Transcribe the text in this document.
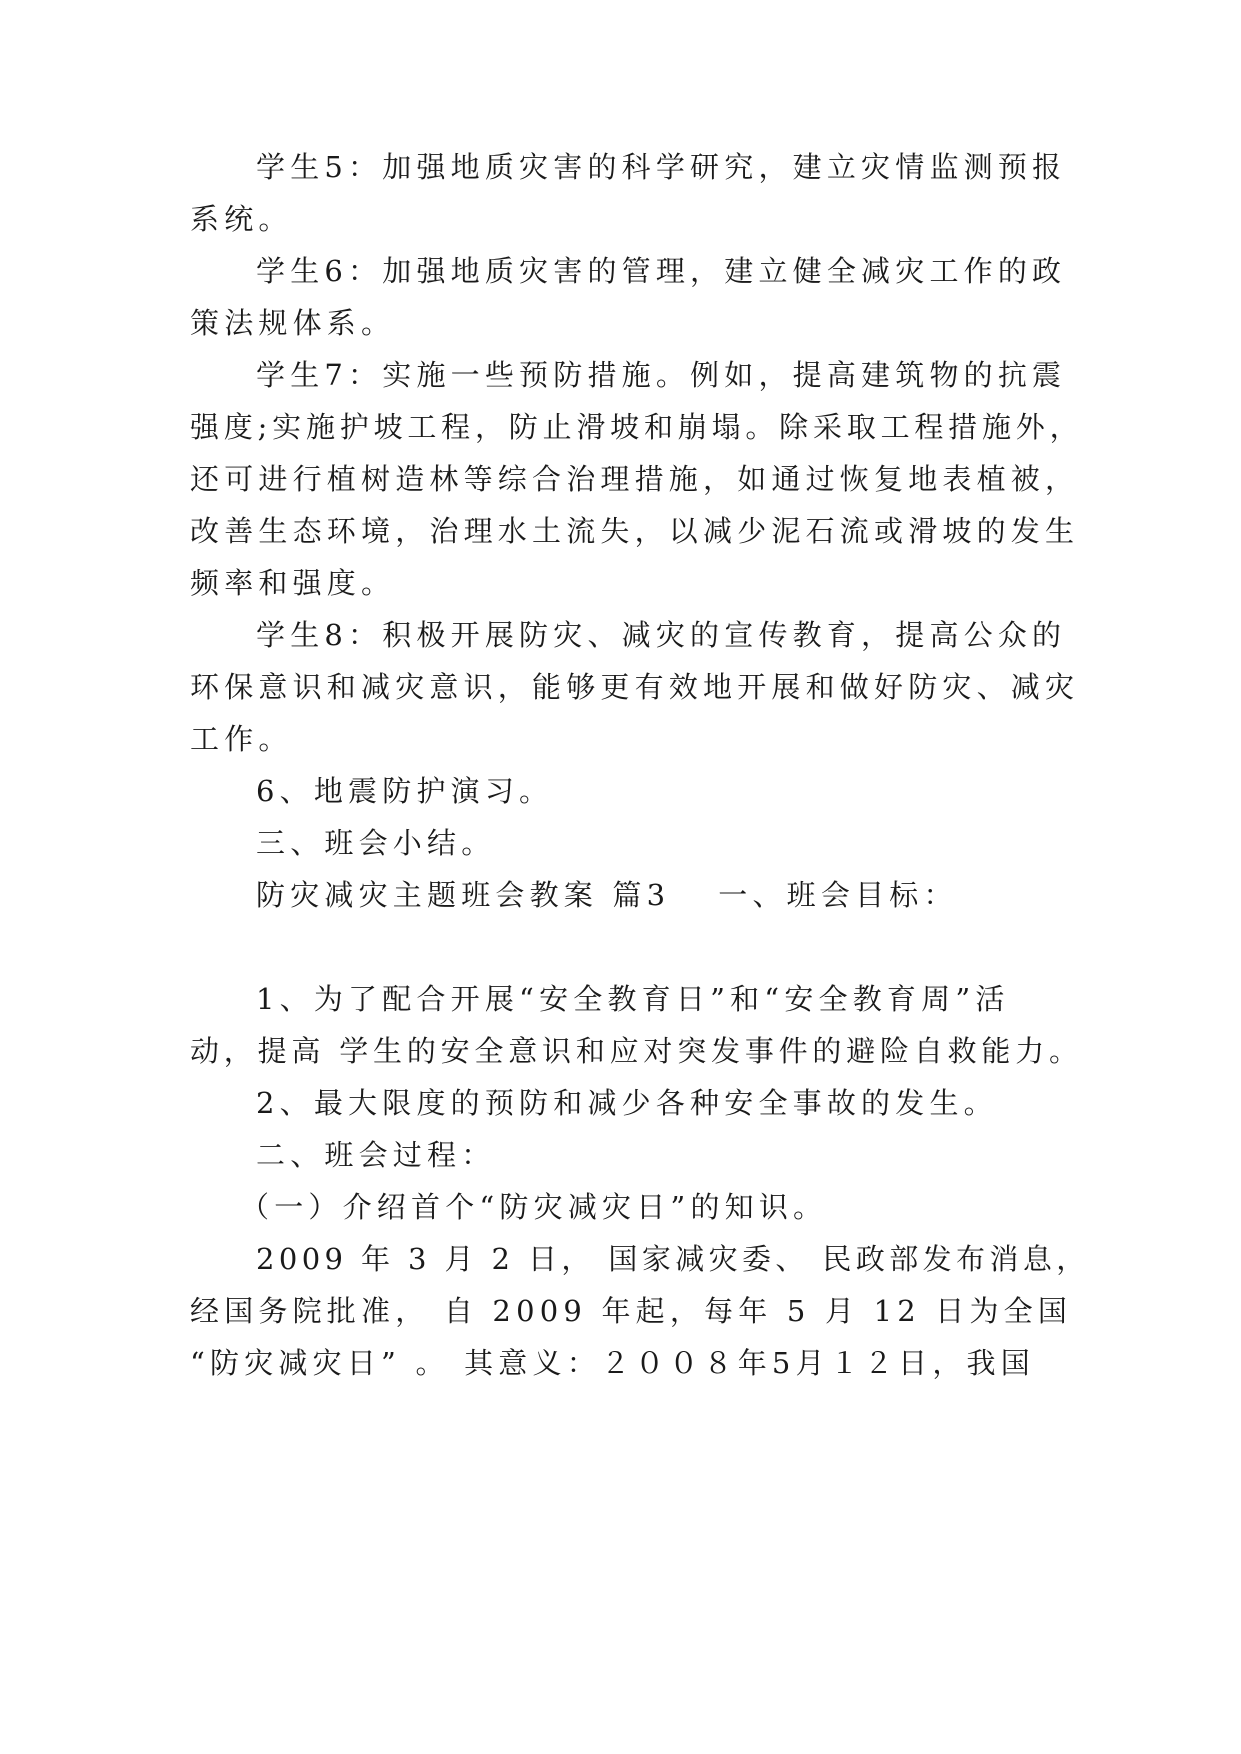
学生5：加强地质灾害的科学研究，建立灾情监测预报
系统。
学生6：加强地质灾害的管理，建立健全减灾工作的政
策法规体系。
学生7：实施一些预防措施。例如，提高建筑物的抗震
强度;实施护坡工程，防止滑坡和崩塌。除采取工程措施外，
还可进行植树造林等综合治理措施，如通过恢复地表植被，
改善生态环境，治理水土流失，以减少泥石流或滑坡的发生
频率和强度。
学生8：积极开展防灾、减灾的宣传教育，提高公众的
环保意识和减灾意识，能够更有效地开展和做好防灾、减灾
工作。
6、地震防护演习。
三、班会小结。
防灾减灾主题班会教案 篇3 一、班会目标：
1、为了配合开展“安全教育日”和“安全教育周”活
动，提高 学生的安全意识和应对突发事件的避险自救能力。
2、最大限度的预防和减少各种安全事故的发生。
二、班会过程：
（一）介绍首个“防灾减灾日”的知识。
2009 年 3 月 2 日， 国家减灾委、 民政部发布消息，
经国务院批准， 自 2009 年起，每年 5 月 12 日为全国
“防灾减灾日” 。 其意义：２００８年5月１２日，我国
